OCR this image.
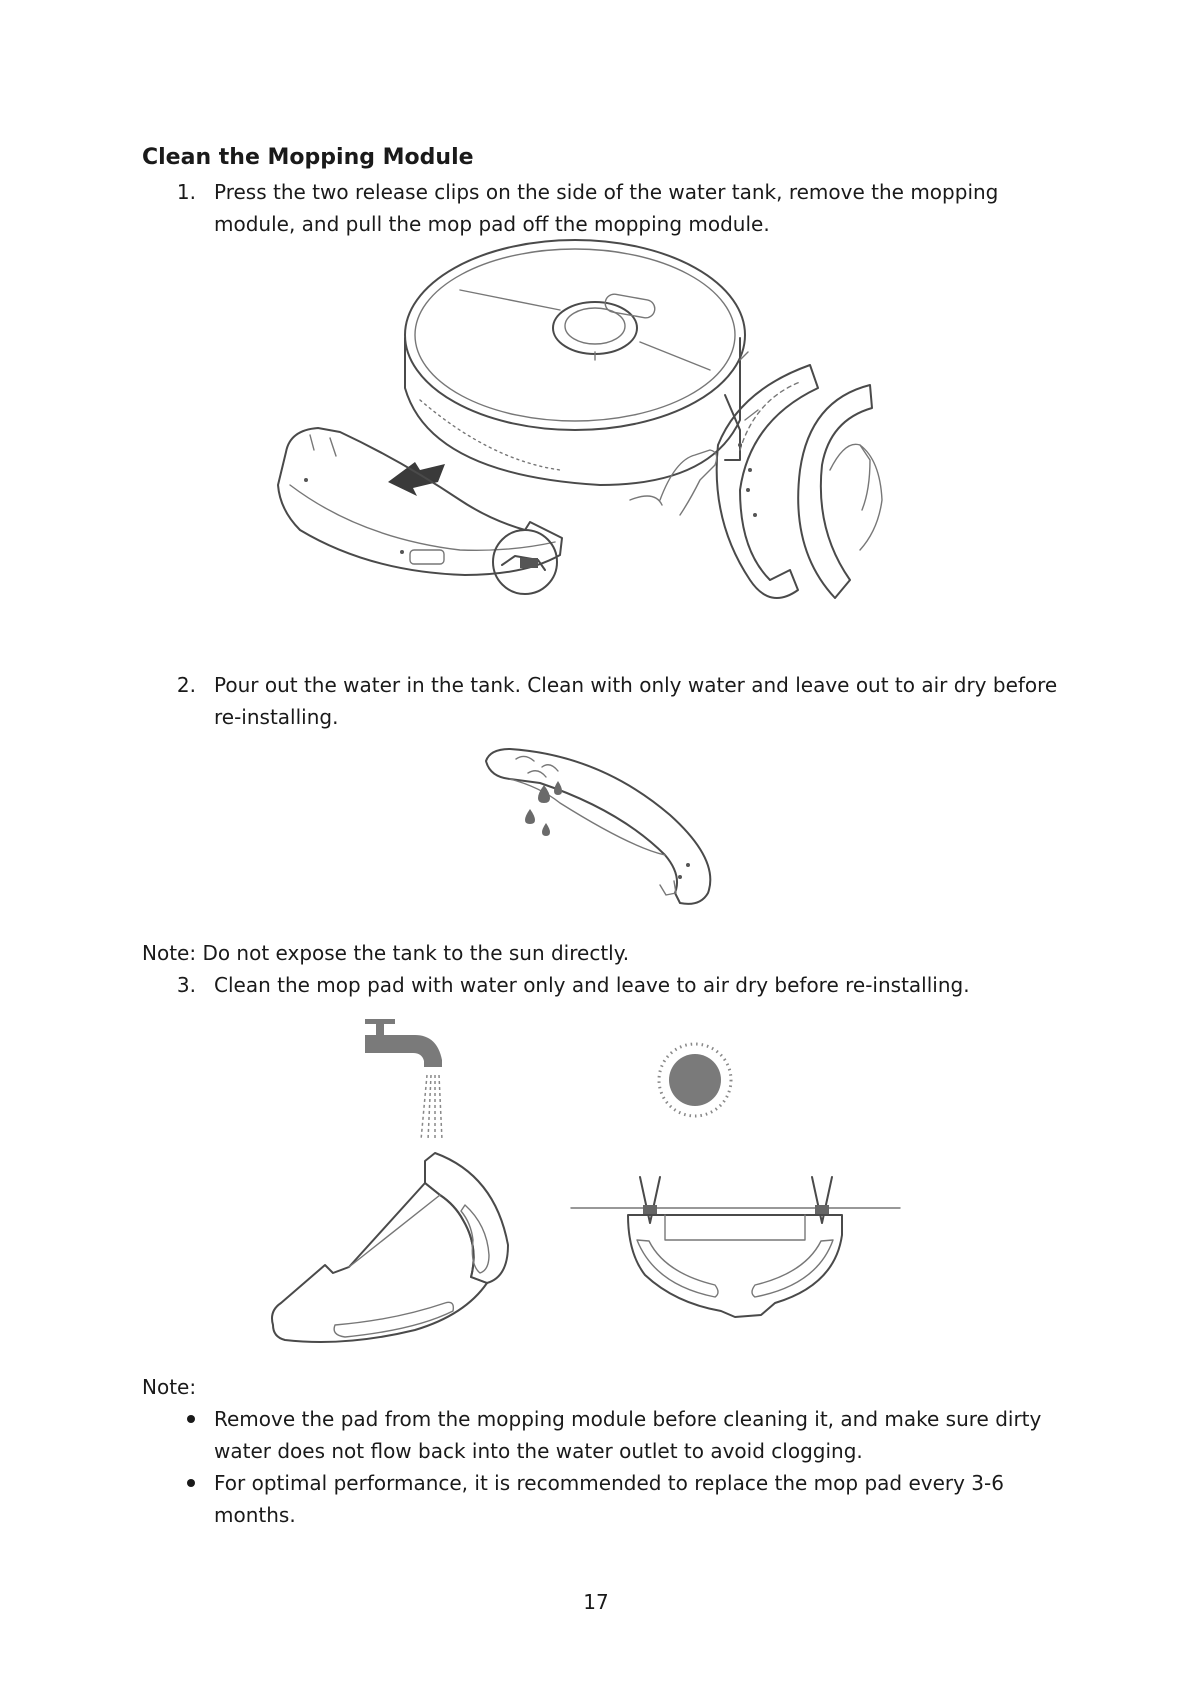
Clean the Mopping Module
1. Press the two release clips on the side of the water tank, remove the mopping
module, and pull the mop pad off the mopping module.
2. Pour out the water in the tank. Clean with only water and leave out to air dry before
re-installing.
Note: Do not expose the tank to the sun directly.
3. Clean the mop pad with water only and leave to air dry before re-installing.
Note:
Remove the pad from the mopping module before cleaning it, and make sure dirty
water does not flow back into the water outlet to avoid clogging.
For optimal performance, it is recommended to replace the mop pad every 3-6
months.
17
